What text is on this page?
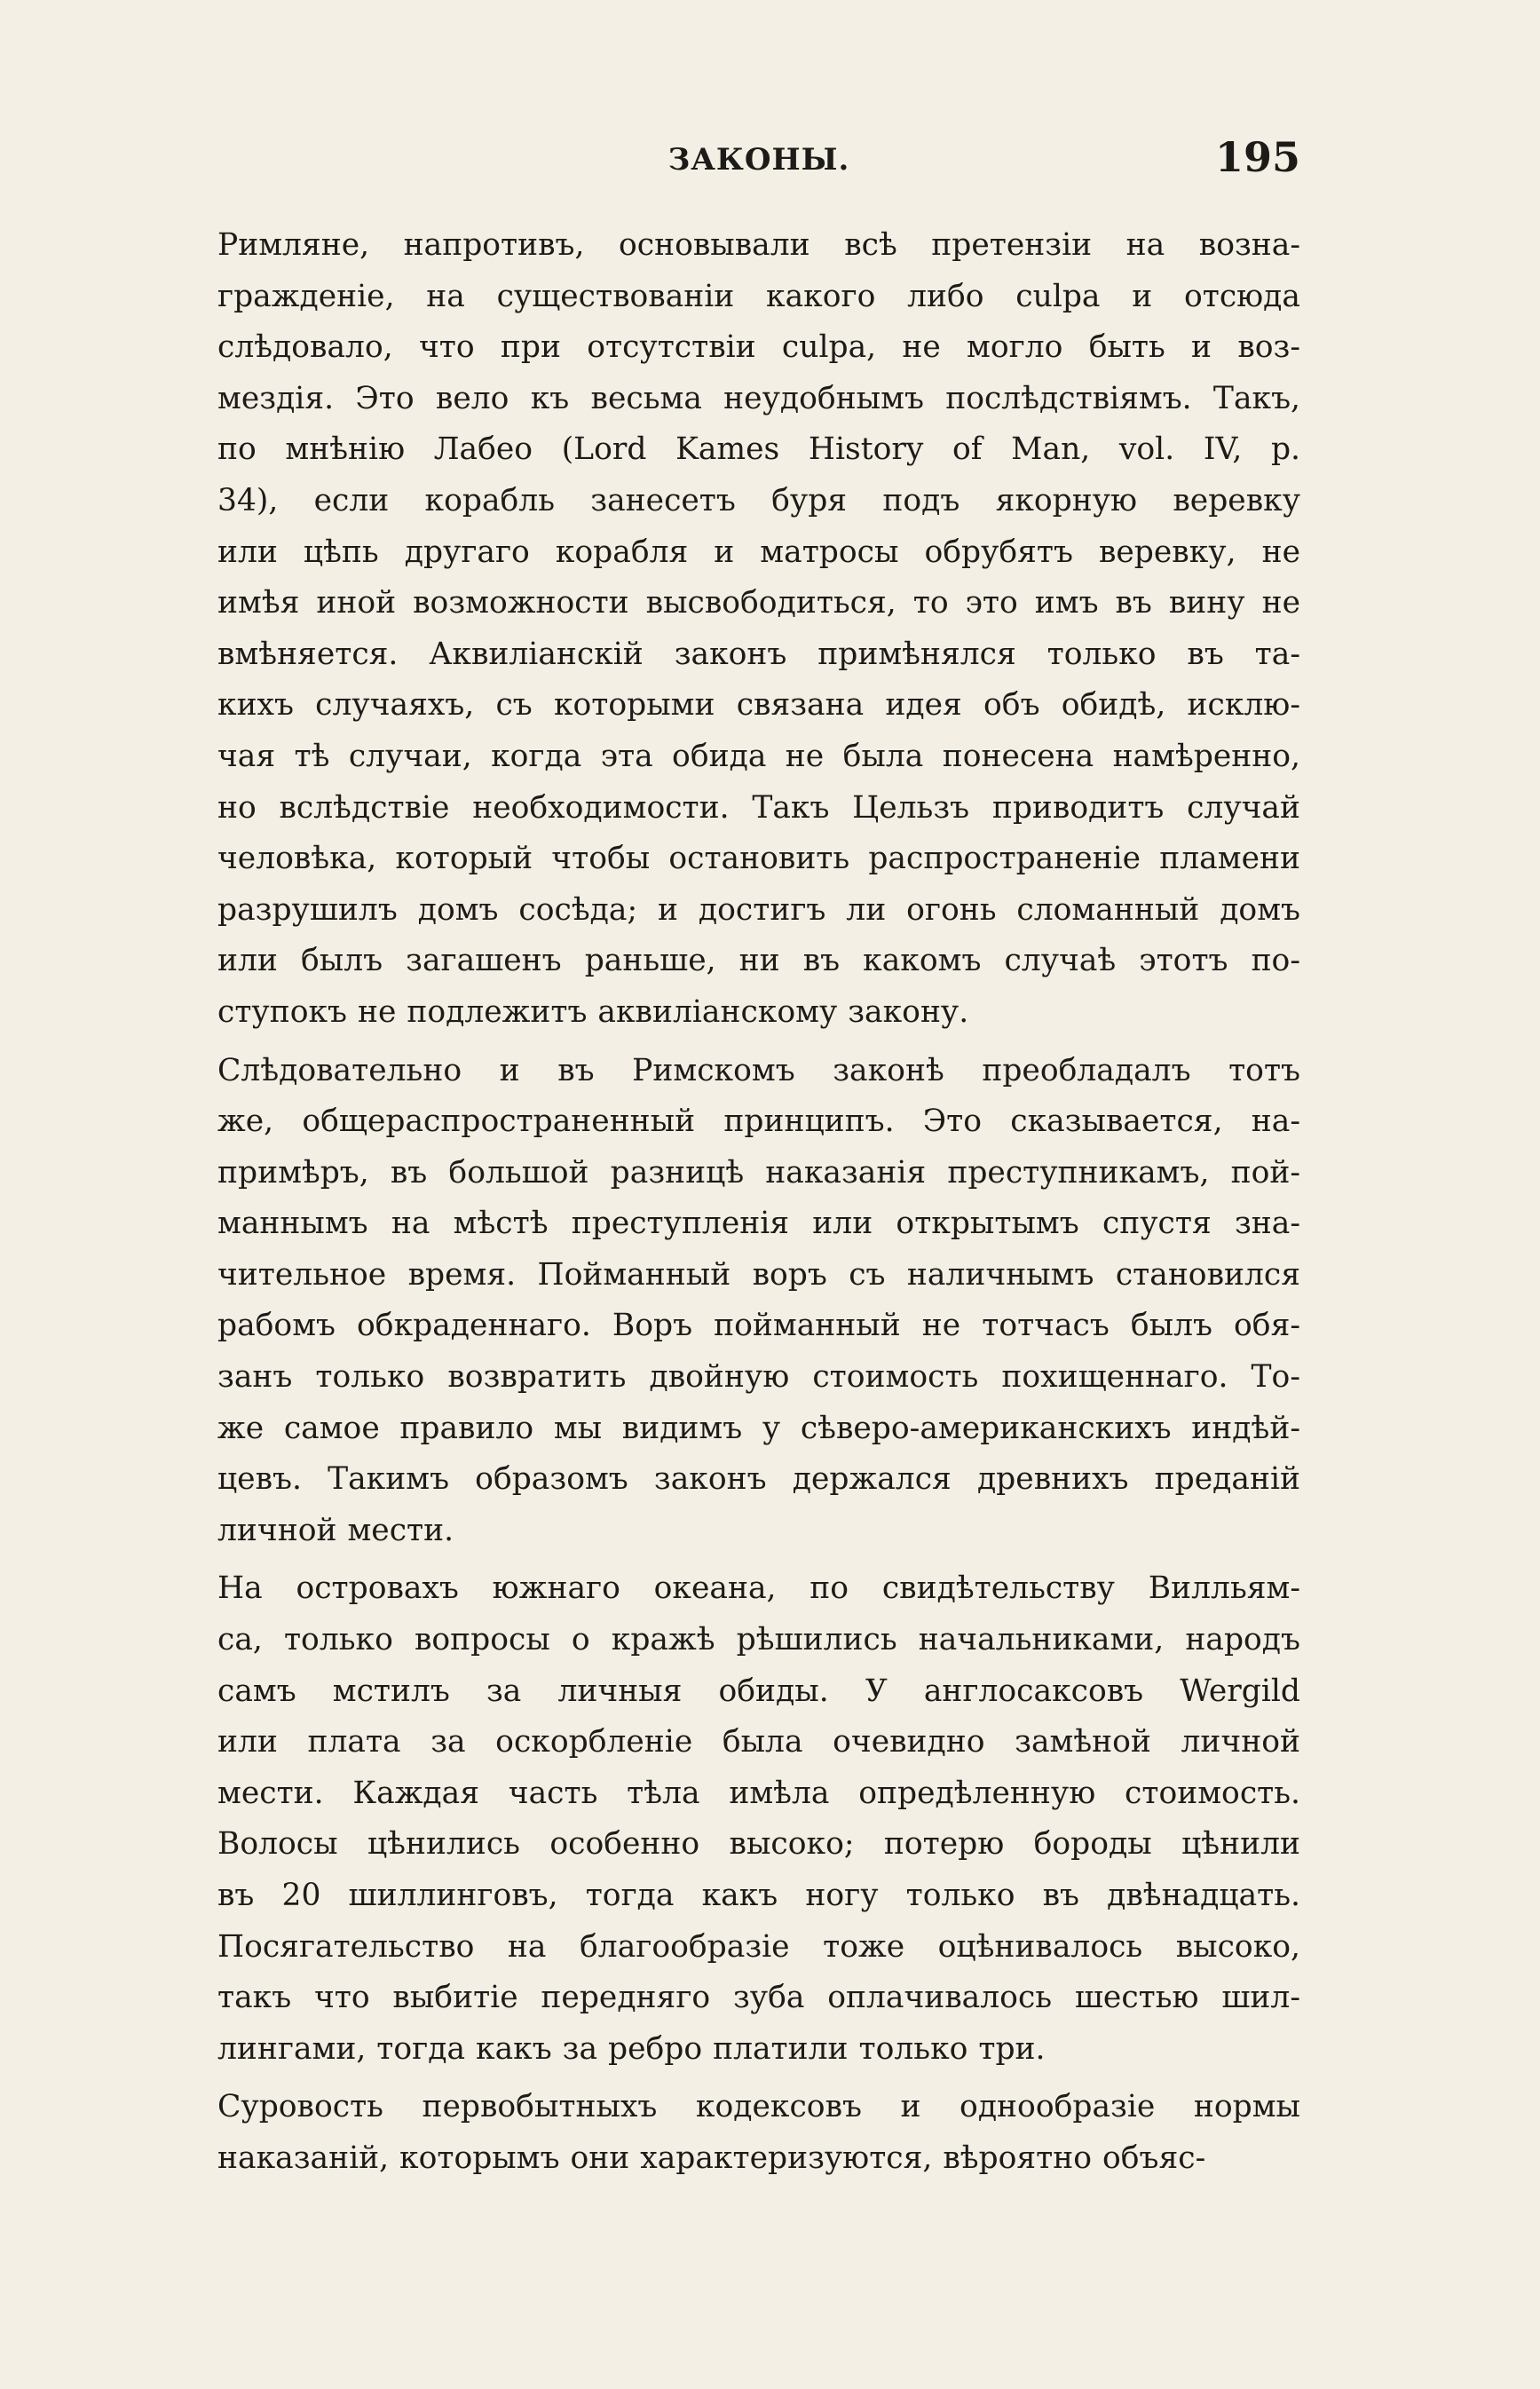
ЗАКОНЫ.	195
Римляне, напротивъ, основывали всѣ претензіи на возна-
гражденіе, на существованіи какого либо culpa и отсюда
слѣдовало, что при отсутствіи culpa, не могло быть и воз-
мездія. Это вело къ весьма неудобнымъ послѣдствіямъ. Такъ,
по мнѣнію Лабео (Lord Kames History of Man, vol. IV, p.
34), если корабль занесетъ буря подъ якорную веревку
или цѣпь другаго корабля и матросы обрубятъ веревку, не
имѣя иной возможности высвободиться, то это имъ въ вину не
вмѣняется. Аквиліанскій законъ примѣнялся только въ та-
кихъ случаяхъ, съ которыми связана идея объ обидѣ, исклю-
чая тѣ случаи, когда эта обида не была понесена намѣренно,
но вслѣдствіе необходимости. Такъ Цельзъ приводитъ случай
человѣка, который чтобы остановить распространеніе пламени
разрушилъ домъ сосѣда; и достигъ ли огонь сломанный домъ
или былъ загашенъ раньше, ни въ какомъ случаѣ этотъ по-
ступокъ не подлежитъ аквиліанскому закону.
Слѣдовательно и въ Римскомъ законѣ преобладалъ тотъ
же, общераспространенный принципъ. Это сказывается, на-
примѣръ, въ большой разницѣ наказанія преступникамъ, пой-
маннымъ на мѣстѣ преступленія или открытымъ спустя зна-
чительное время. Пойманный воръ съ наличнымъ становился
рабомъ обкраденнаго. Воръ пойманный не тотчасъ былъ обя-
занъ только возвратить двойную стоимость похищеннаго. То-
же самое правило мы видимъ у сѣверо-американскихъ индѣй-
цевъ. Такимъ образомъ законъ держался древнихъ преданій
личной мести.
На островахъ южнаго океана, по свидѣтельству Вилльям-
са, только вопросы о кражѣ рѣшились начальниками, народъ
самъ мстилъ за личныя обиды. У англосаксовъ Wergild
или плата за оскорбленіе была очевидно замѣной личной
мести. Каждая часть тѣла имѣла опредѣленную стоимость.
Волосы цѣнились особенно высоко; потерю бороды цѣнили
въ 20 шиллинговъ, тогда какъ ногу только въ двѣнадцать.
Посягательство на благообразіе тоже оцѣнивалось высоко,
такъ что выбитіе передняго зуба оплачивалось шестью шил-
лингами, тогда какъ за ребро платили только три.
Суровость первобытныхъ кодексовъ и однообразіе нормы
наказаній, которымъ они характеризуются, вѣроятно объяс-
